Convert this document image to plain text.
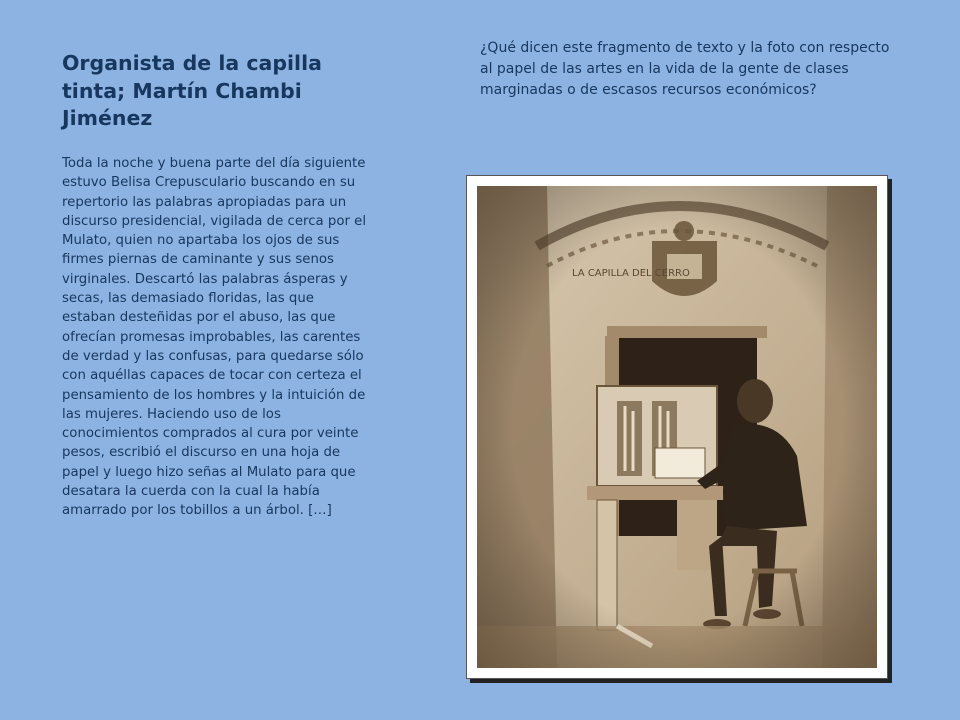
Organista de la capilla tinta; Martín Chambi Jiménez

Toda la noche y buena parte del día siguiente estuvo Belisa Crepusculario buscando en su repertorio las palabras apropiadas para un discurso presidencial, vigilada de cerca por el Mulato, quien no apartaba los ojos de sus firmes piernas de caminante y sus senos virginales. Descartó las palabras ásperas y secas, las demasiado floridas, las que estaban desteñidas por el abuso, las que ofrecían promesas improbables, las carentes de verdad y las confusas, para quedarse sólo con aquéllas capaces de tocar con certeza el pensamiento de los hombres y la intuición de las mujeres. Haciendo uso de los conocimientos comprados al cura por veinte pesos, escribió el discurso en una hoja de papel y luego hizo señas al Mulato para que desatara la cuerda con la cual la había amarrado por los tobillos a un árbol. […]

¿Qué dicen este fragmento de texto y la foto con respecto al papel de las artes en la vida de la gente de clases marginadas o de escasos recursos económicos?
